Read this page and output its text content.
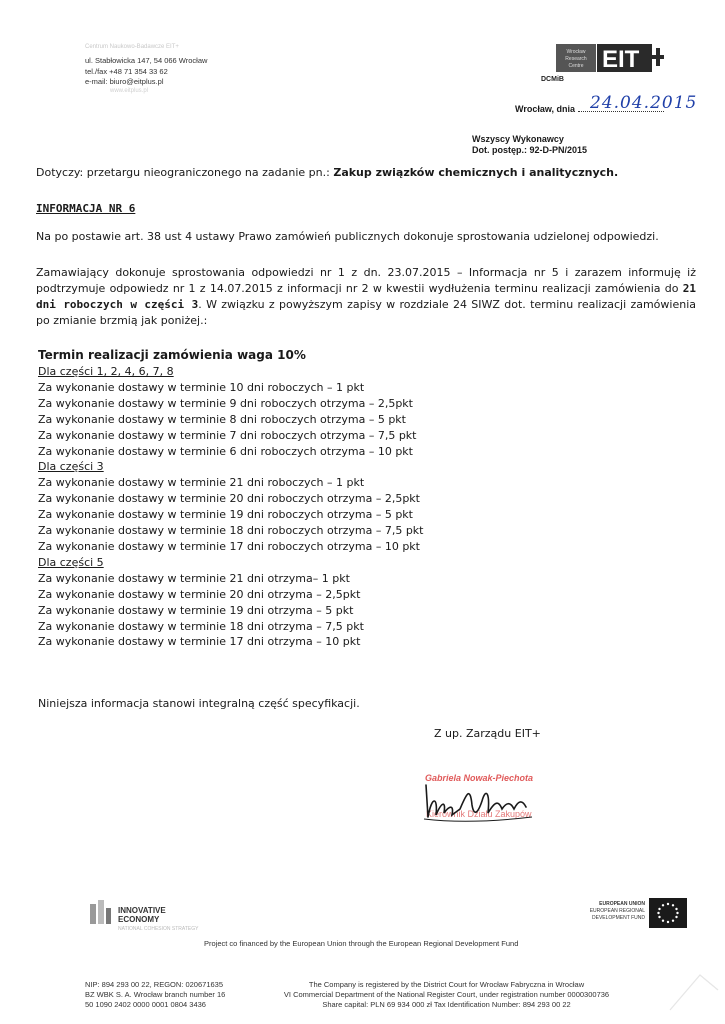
Centrum Naukowo-Badawcze EIT+
ul. Stabłowicka 147, 54 066 Wrocław
tel./fax +48 71 354 33 62
e-mail: biuro@eitplus.pl
www.eitplus.pl
Wrocław
Research
Centre EIT
DCMiB
Wrocław, dnia 24.04.2015
Wszyscy Wykonawcy
Dot. postęp.: 92-D-PN/2015
Dotyczy: przetargu nieograniczonego na zadanie pn.: Zakup związków chemicznych i analitycznych.
INFORMACJA NR 6
Na po postawie art. 38 ust 4 ustawy Prawo zamówień publicznych dokonuje sprostowania udzielonej odpowiedzi.
Zamawiający dokonuje sprostowania odpowiedzi nr 1 z dn. 23.07.2015 – Informacja nr 5 i zarazem informuję iż podtrzymuje odpowiedz nr 1 z 14.07.2015 z informacji nr 2 w kwestii wydłużenia terminu realizacji zamówienia do 21 dni roboczych w części 3. W związku z powyższym zapisy w rozdziale 24 SIWZ dot. terminu realizacji zamówienia po zmianie brzmią jak poniżej.:
Termin realizacji zamówienia waga 10%
Dla części 1, 2, 4, 6, 7, 8
Za wykonanie dostawy w terminie 10 dni roboczych – 1 pkt
Za wykonanie dostawy w terminie 9 dni roboczych otrzyma – 2,5pkt
Za wykonanie dostawy w terminie 8 dni roboczych otrzyma – 5 pkt
Za wykonanie dostawy w terminie 7 dni roboczych otrzyma – 7,5 pkt
Za wykonanie dostawy w terminie 6 dni roboczych otrzyma – 10 pkt
Dla części 3
Za wykonanie dostawy w terminie 21 dni roboczych – 1 pkt
Za wykonanie dostawy w terminie 20 dni roboczych otrzyma – 2,5pkt
Za wykonanie dostawy w terminie 19 dni roboczych otrzyma – 5 pkt
Za wykonanie dostawy w terminie 18 dni roboczych otrzyma – 7,5 pkt
Za wykonanie dostawy w terminie 17 dni roboczych otrzyma – 10 pkt
Dla części 5
Za wykonanie dostawy w terminie 21 dni otrzyma– 1 pkt
Za wykonanie dostawy w terminie 20 dni otrzyma – 2,5pkt
Za wykonanie dostawy w terminie 19 dni otrzyma – 5 pkt
Za wykonanie dostawy w terminie 18 dni otrzyma – 7,5 pkt
Za wykonanie dostawy w terminie 17 dni otrzyma – 10 pkt
Niniejsza informacja stanowi integralną część specyfikacji.
Z up. Zarządu EIT+
Gabriela Nowak-Piechota
Kierownik Działu Zakupów
INNOVATIVE
ECONOMY
NATIONAL COHESION STRATEGY
EUROPEAN UNION
EUROPEAN REGIONAL
DEVELOPMENT FUND
Project co financed by the European Union through the European Regional Development Fund
NIP: 894 293 00 22, REGON: 020671635
BZ WBK S. A. Wrocław branch number 16
50 1090 2402 0000 0001 0804 3436
The Company is registered by the District Court for Wrocław Fabryczna in Wrocław
VI Commercial Department of the National Register Court, under registration number 0000300736
Share capital: PLN 69 934 000 zł Tax Identification Number: 894 293 00 22
